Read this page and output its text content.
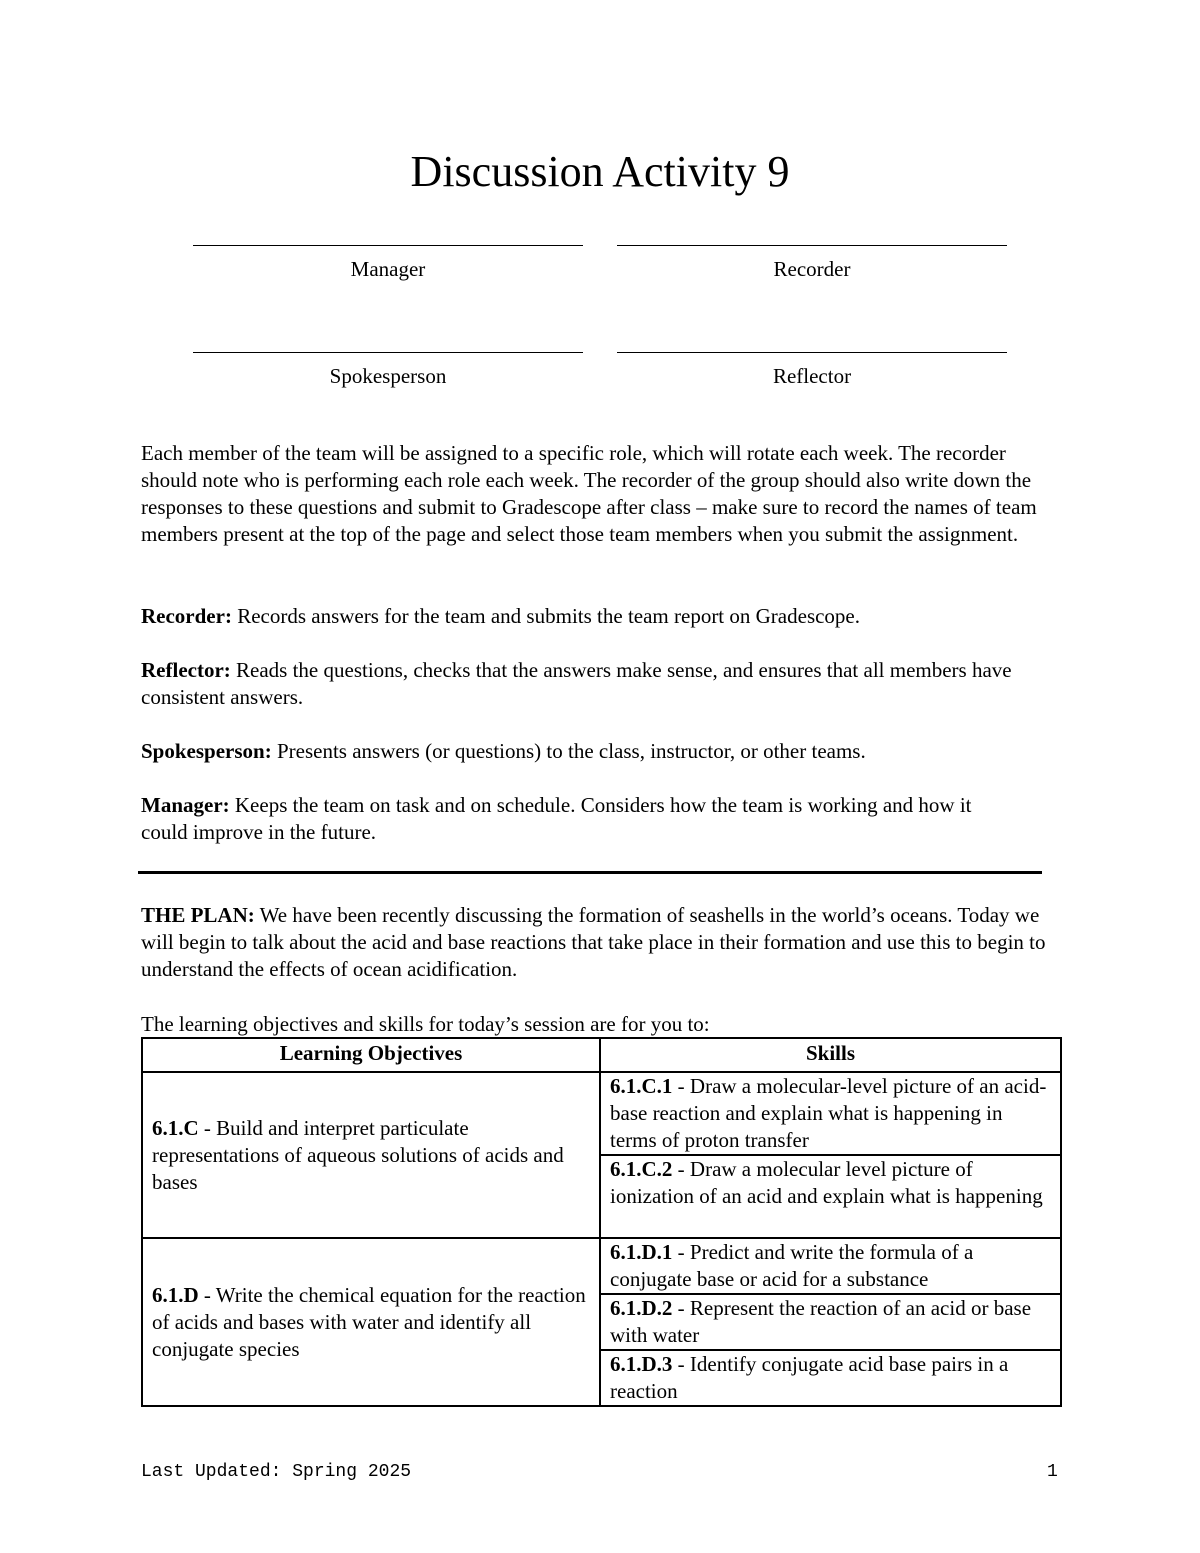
Discussion Activity 9
Manager	Recorder
Spokesperson	Reflector

Each member of the team will be assigned to a specific role, which will rotate each week. The recorder should note who is performing each role each week. The recorder of the group should also write down the responses to these questions and submit to Gradescope after class – make sure to record the names of team members present at the top of the page and select those team members when you submit the assignment.

Recorder: Records answers for the team and submits the team report on Gradescope.

Reflector: Reads the questions, checks that the answers make sense, and ensures that all members have consistent answers.

Spokesperson: Presents answers (or questions) to the class, instructor, or other teams.

Manager: Keeps the team on task and on schedule. Considers how the team is working and how it could improve in the future.

THE PLAN: We have been recently discussing the formation of seashells in the world’s oceans. Today we will begin to talk about the acid and base reactions that take place in their formation and use this to begin to understand the effects of ocean acidification.

The learning objectives and skills for today’s session are for you to:

Learning Objectives	Skills
6.1.C - Build and interpret particulate representations of aqueous solutions of acids and bases	6.1.C.1 - Draw a molecular-level picture of an acid-base reaction and explain what is happening in terms of proton transfer
	6.1.C.2 - Draw a molecular level picture of ionization of an acid and explain what is happening
6.1.D - Write the chemical equation for the reaction of acids and bases with water and identify all conjugate species	6.1.D.1 - Predict and write the formula of a conjugate base or acid for a substance
	6.1.D.2 - Represent the reaction of an acid or base with water
	6.1.D.3 - Identify conjugate acid base pairs in a reaction
Last Updated: Spring 2025	1
